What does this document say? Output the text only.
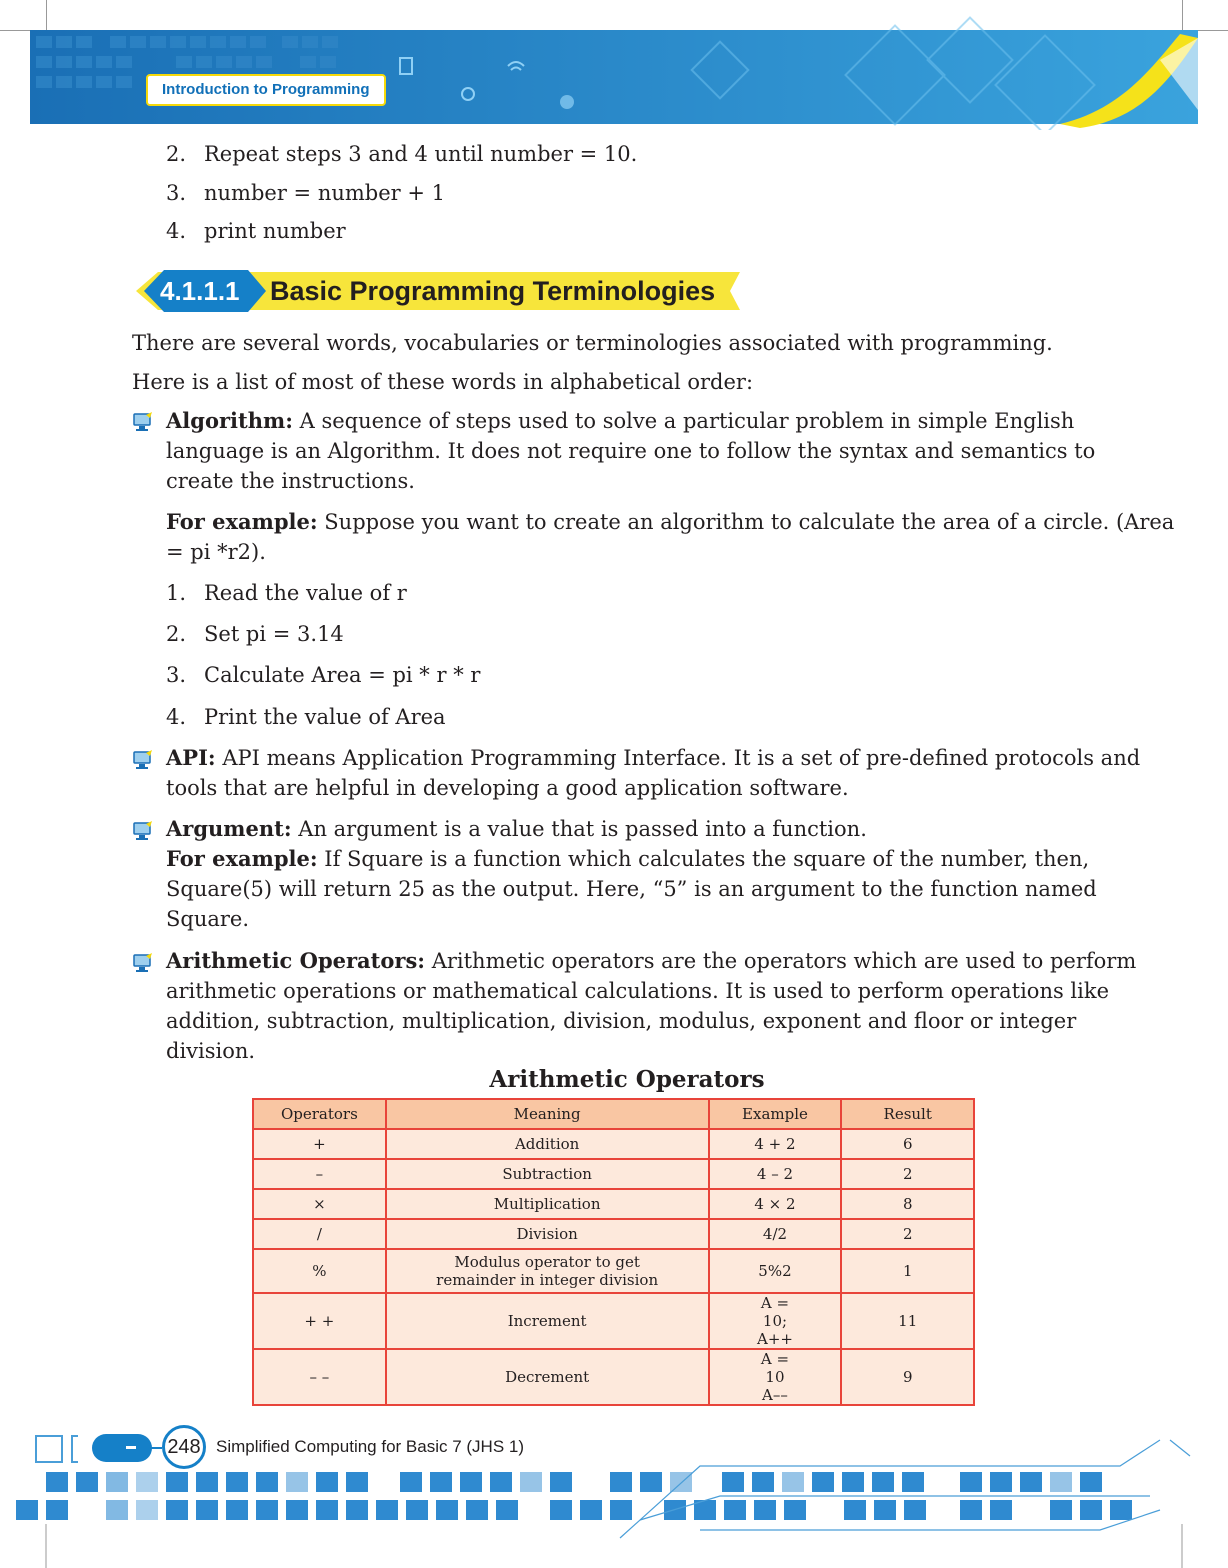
Introduction to Programming
2. Repeat steps 3 and 4 until number = 10.
3. number = number + 1
4. print number
4.1.1.1 Basic Programming Terminologies
There are several words, vocabularies or terminologies associated with programming.
Here is a list of most of these words in alphabetical order:
Algorithm: A sequence of steps used to solve a particular problem in simple English
language is an Algorithm. It does not require one to follow the syntax and semantics to
create the instructions.
For example: Suppose you want to create an algorithm to calculate the area of a circle. (Area
= pi *r2).
1. Read the value of r
2. Set pi = 3.14
3. Calculate Area = pi * r * r
4. Print the value of Area
API: API means Application Programming Interface. It is a set of pre-defined protocols and
tools that are helpful in developing a good application software.
Argument: An argument is a value that is passed into a function.
For example: If Square is a function which calculates the square of the number, then,
Square(5) will return 25 as the output. Here, “5” is an argument to the function named
Square.
Arithmetic Operators: Arithmetic operators are the operators which are used to perform
arithmetic operations or mathematical calculations. It is used to perform operations like
addition, subtraction, multiplication, division, modulus, exponent and floor or integer
division.
Arithmetic Operators
Operators	Meaning	Example	Result
+	Addition	4 + 2	6
–	Subtraction	4 – 2	2
×	Multiplication	4 × 2	8
/	Division	4/2	2
%	Modulus operator to get remainder in integer division	5%2	1
+ +	Increment	A = 10; A++	11
– –	Decrement	A = 10 A––	9
248 Simplified Computing for Basic 7 (JHS 1)
